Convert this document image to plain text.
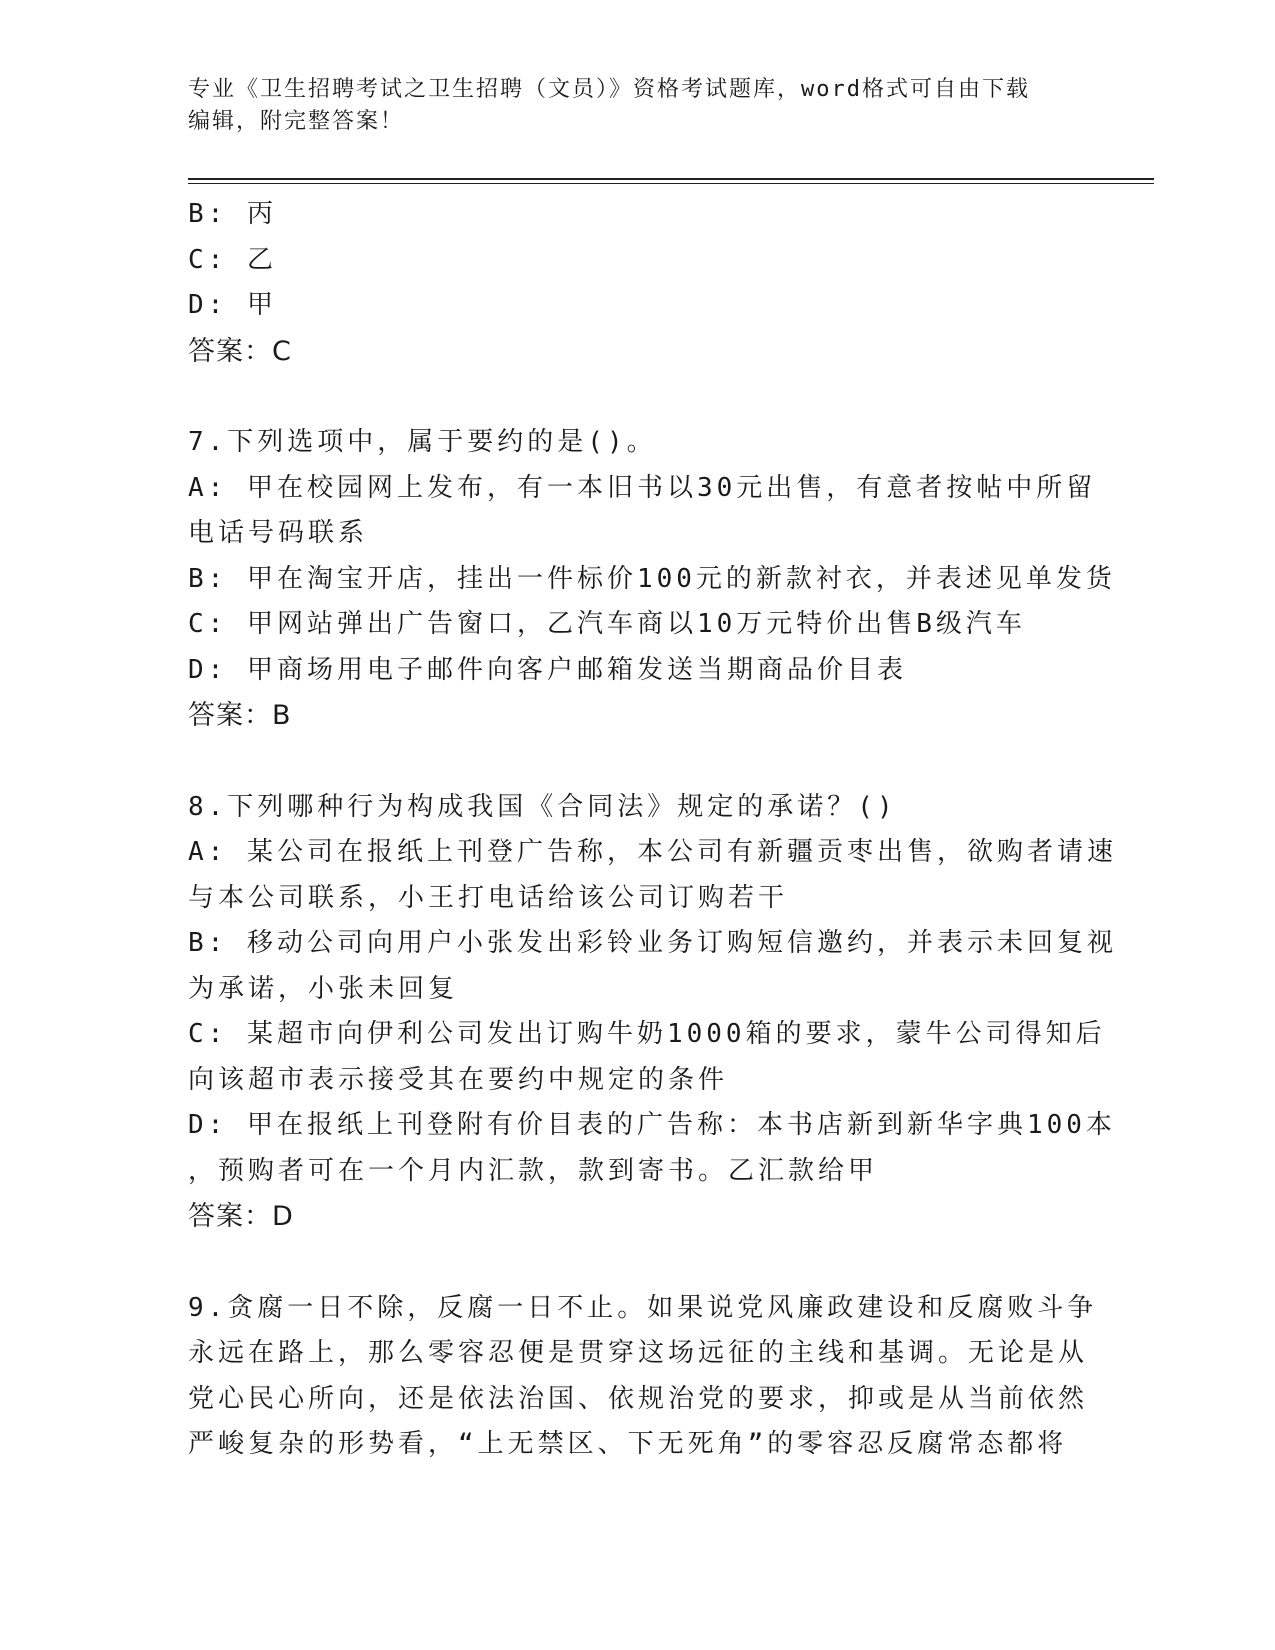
专业《卫生招聘考试之卫生招聘（文员）》资格考试题库，word格式可自由下载
编辑，附完整答案！
B: 丙
C: 乙
D: 甲
答案：C
7.下列选项中，属于要约的是()。
A: 甲在校园网上发布，有一本旧书以30元出售，有意者按帖中所留
电话号码联系
B: 甲在淘宝开店，挂出一件标价100元的新款衬衣，并表述见单发货
C: 甲网站弹出广告窗口，乙汽车商以10万元特价出售B级汽车
D: 甲商场用电子邮件向客户邮箱发送当期商品价目表
答案：B
8.下列哪种行为构成我国《合同法》规定的承诺？()
A: 某公司在报纸上刊登广告称，本公司有新疆贡枣出售，欲购者请速
与本公司联系，小王打电话给该公司订购若干
B: 移动公司向用户小张发出彩铃业务订购短信邀约，并表示未回复视
为承诺，小张未回复
C: 某超市向伊利公司发出订购牛奶1000箱的要求，蒙牛公司得知后
向该超市表示接受其在要约中规定的条件
D: 甲在报纸上刊登附有价目表的广告称：本书店新到新华字典100本
，预购者可在一个月内汇款，款到寄书。乙汇款给甲
答案：D
9.贪腐一日不除，反腐一日不止。如果说党风廉政建设和反腐败斗争
永远在路上，那么零容忍便是贯穿这场远征的主线和基调。无论是从
党心民心所向，还是依法治国、依规治党的要求，抑或是从当前依然
严峻复杂的形势看，“上无禁区、下无死角”的零容忍反腐常态都将
